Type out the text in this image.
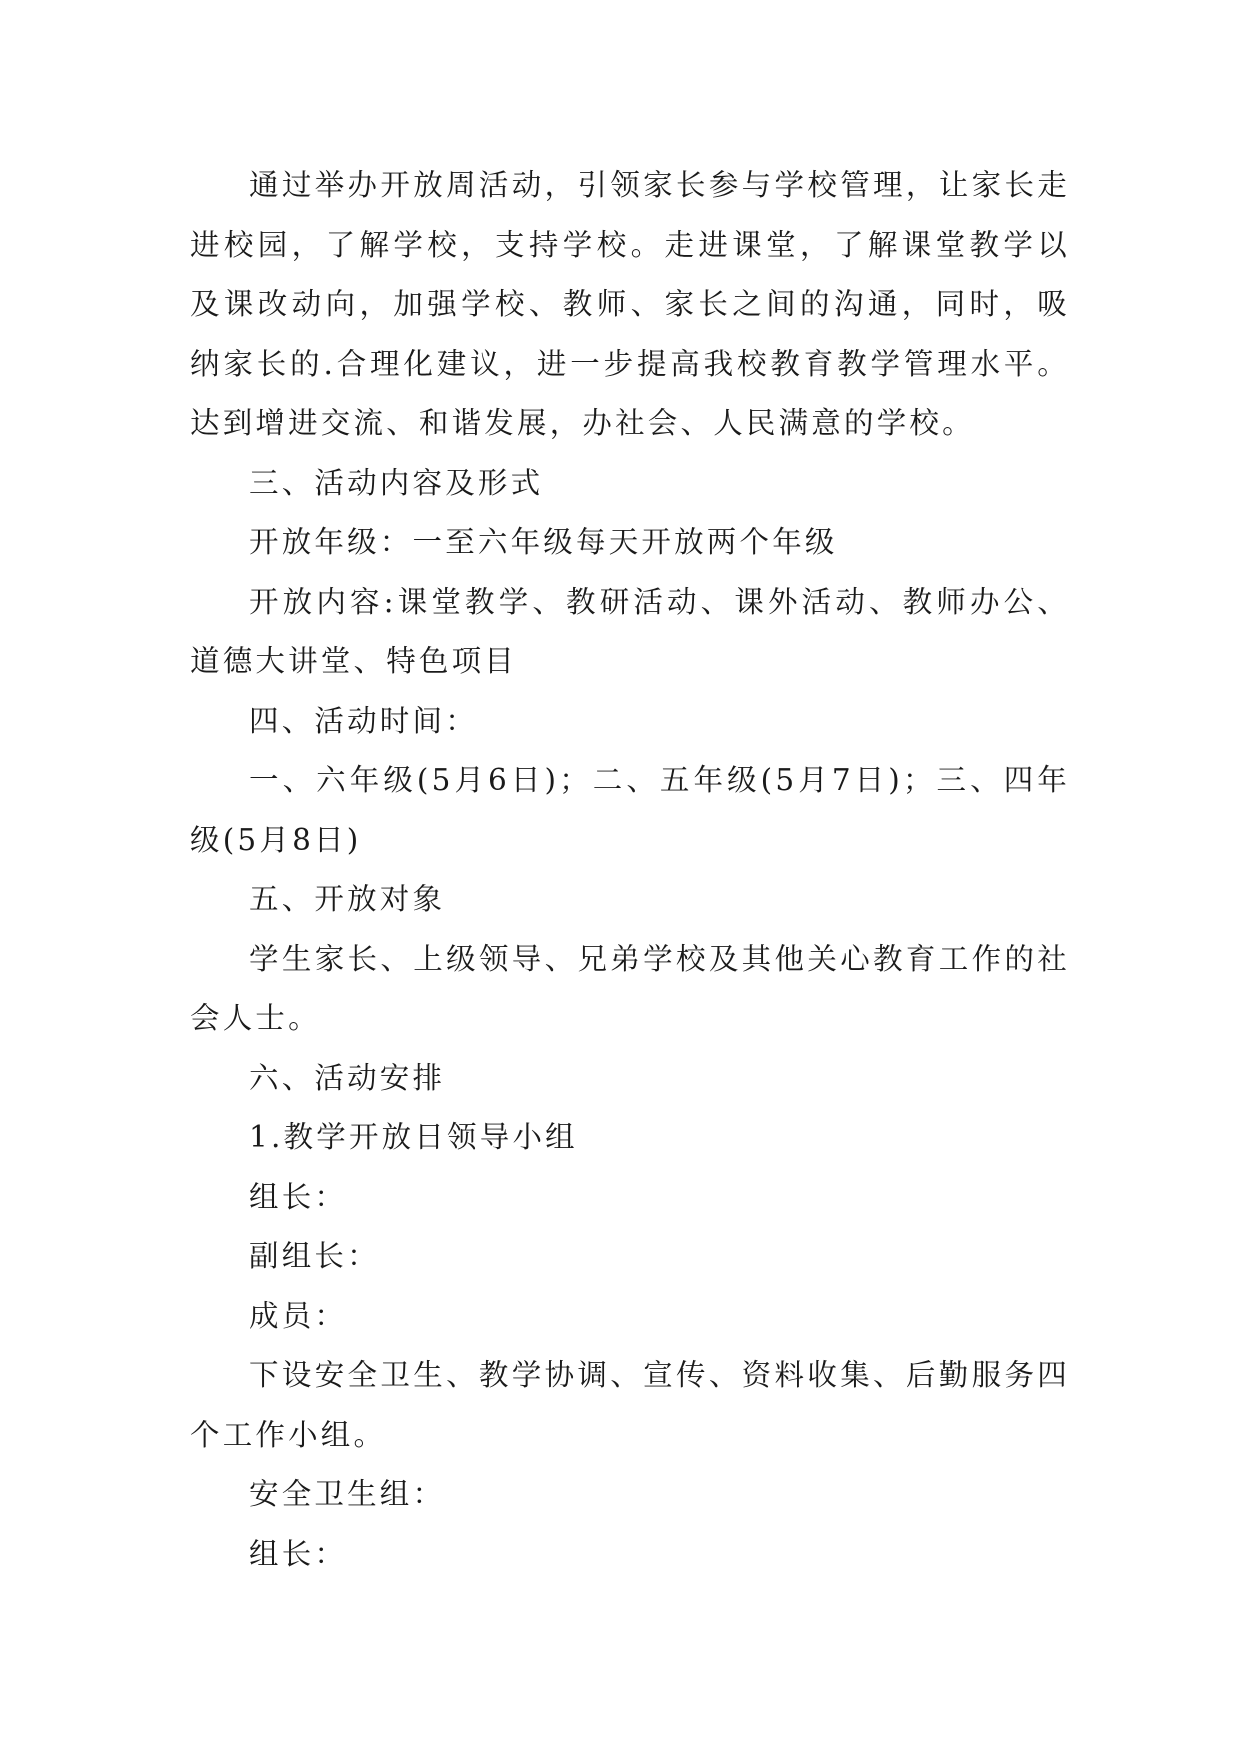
通过举办开放周活动，引领家长参与学校管理，让家长走进校园，了解学校，支持学校。走进课堂，了解课堂教学以及课改动向，加强学校、教师、家长之间的沟通，同时，吸纳家长的.合理化建议，进一步提高我校教育教学管理水平。达到增进交流、和谐发展，办社会、人民满意的学校。

三、活动内容及形式

开放年级：一至六年级每天开放两个年级

开放内容:课堂教学、教研活动、课外活动、教师办公、道德大讲堂、特色项目

四、活动时间：

一、六年级(5月6日)；二、五年级(5月7日)；三、四年级(5月8日)

五、开放对象

学生家长、上级领导、兄弟学校及其他关心教育工作的社会人士。

六、活动安排

1.教学开放日领导小组

组长：

副组长：

成员：

下设安全卫生、教学协调、宣传、资料收集、后勤服务四个工作小组。

安全卫生组：

组长：
